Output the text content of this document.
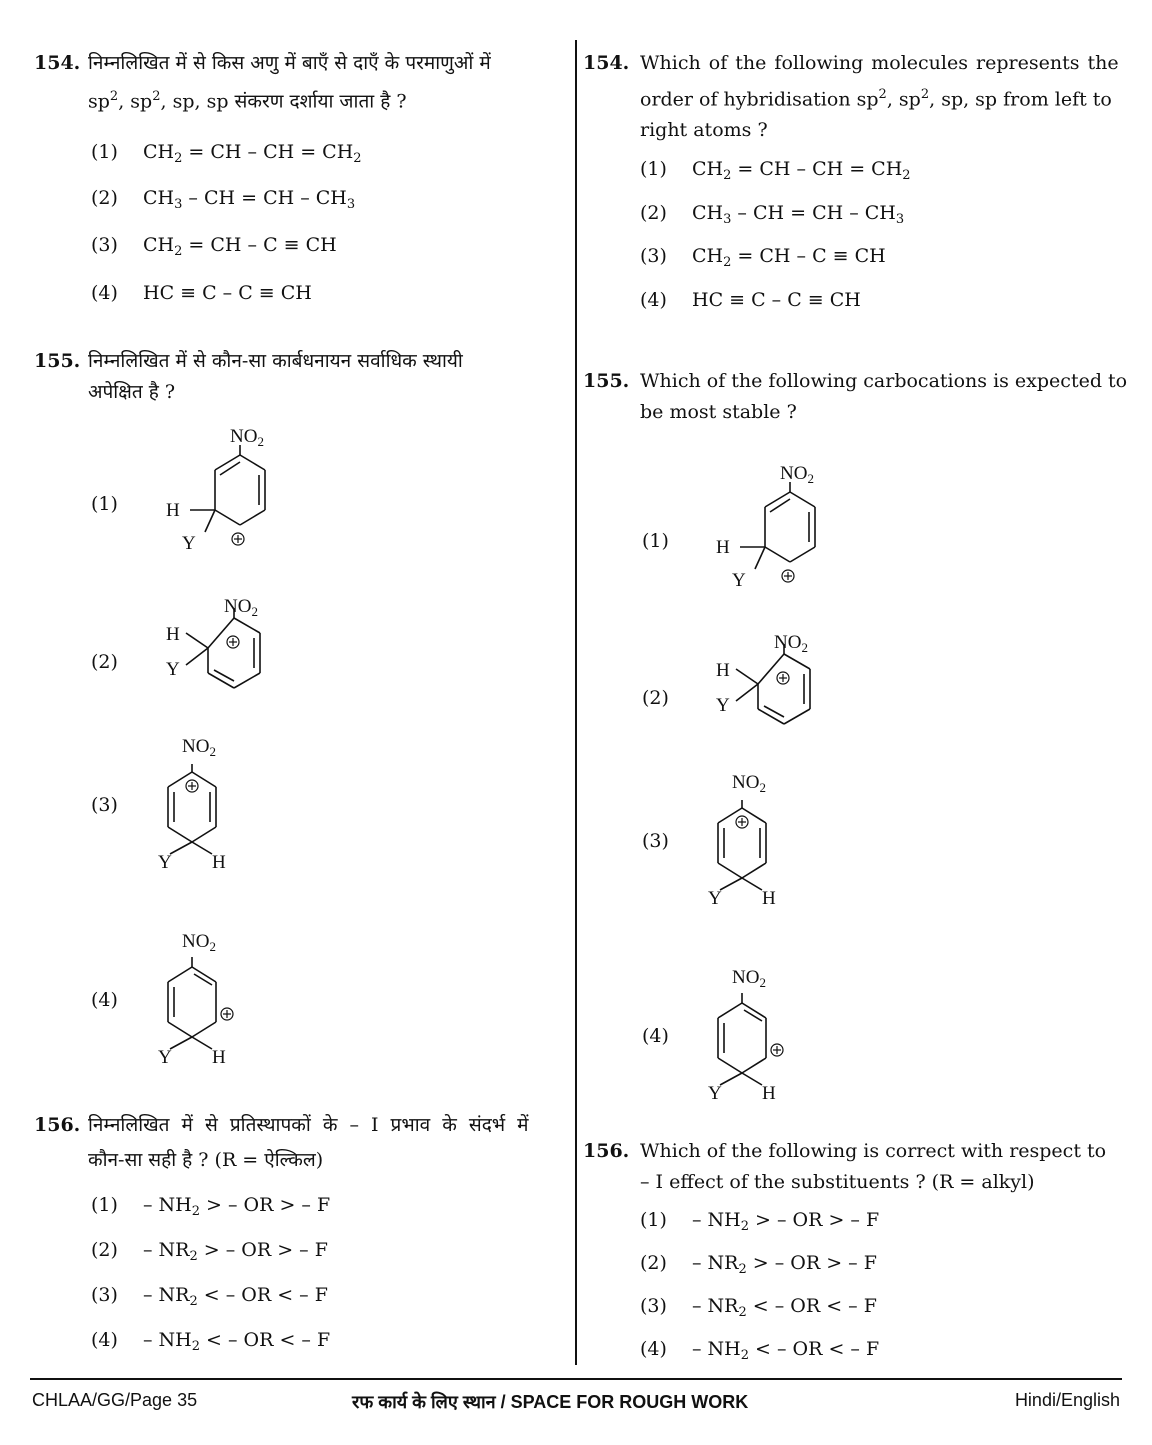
154. निम्नलिखित में से किस अणु में बाएँ से दाएँ के परमाणुओं में
$sp^2$, $sp^2$, sp, sp संकरण दर्शाया जाता है ?
(1) $CH_2$ = CH – CH = $CH_2$
(2) $CH_3$ – CH = CH – $CH_3$
(3) $CH_2$ = CH – C ≡ CH
(4) HC ≡ C – C ≡ CH
155. निम्नलिखित में से कौन-सा कार्बधनायन सर्वाधिक स्थायी
अपेक्षित है ?
(1)
(2)
(3)
(4)
$NO_2$
H
Y
$NO_2$
H
Y
$NO_2$
Y H
$NO_2$
Y H
156. निम्नलिखित में से प्रतिस्थापकों के – I प्रभाव के संदर्भ में
कौन-सा सही है ? (R = ऐल्किल)
$(1) - NH_2$ > – OR > – F
$(2) - NR_2$ > – OR > – F
$(3) - NR_2$ < – OR < – F
$(4) - NH_2$ < – OR < – F
154. Which of the following molecules represents the
order of hybridisation $sp^2$, $sp^2$, sp, sp from left to
right atoms ?
(1) $CH_2$ = CH – CH = $CH_2$
(2) $CH_3$ – CH = CH – $CH_3$
(3) $CH_2$ = CH – C ≡ CH
(4) HC ≡ C – C ≡ CH
155. Which of the following carbocations is expected to
be most stable ?
(1)
(2)
(3)
(4)
$NO_2$
H
Y
$NO_2$
H
Y
$NO_2$
Y H
$NO_2$
Y H
156. Which of the following is correct with respect to
– I effect of the substituents ? (R = alkyl)
$(1) - NH_2$ > – OR > – F
$(2) - NR_2$ > – OR > – F
$(3) - NR_2$ < – OR < – F
$(4) - NH_2$ < – OR < – F
CHLAA/GG/Page 35	रफ कार्य के लिए स्थान / SPACE FOR ROUGH WORK	Hindi/English
